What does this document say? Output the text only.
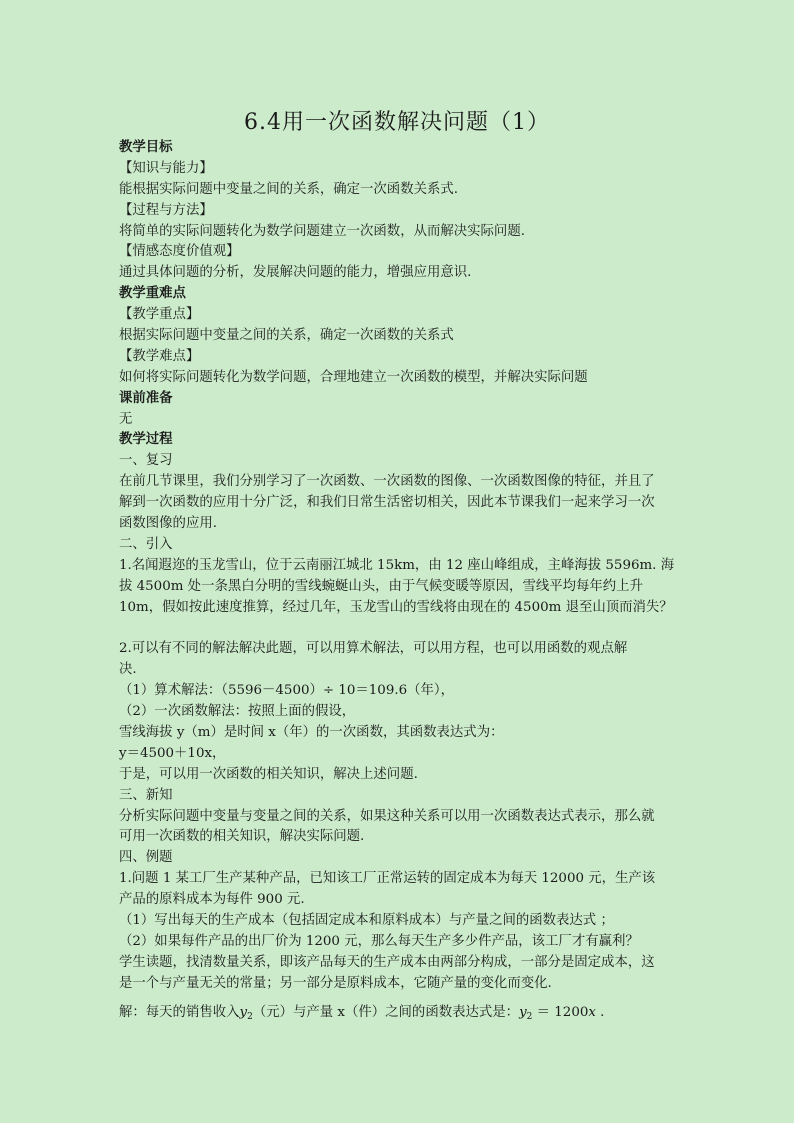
6.4用一次函数解决问题（1）
教学目标
【知识与能力】
能根据实际问题中变量之间的关系，确定一次函数关系式.
【过程与方法】
将简单的实际问题转化为数学问题建立一次函数，从而解决实际问题.
【情感态度价值观】
通过具体问题的分析，发展解决问题的能力，增强应用意识.
教学重难点
【教学重点】
根据实际问题中变量之间的关系，确定一次函数的关系式
【教学难点】
如何将实际问题转化为数学问题，合理地建立一次函数的模型，并解决实际问题
课前准备
无
教学过程
一、复习
在前几节课里，我们分别学习了一次函数、一次函数的图像、一次函数图像的特征，并且了
解到一次函数的应用十分广泛，和我们日常生活密切相关，因此本节课我们一起来学习一次
函数图像的应用.
二、引入
1.名闻遐迩的玉龙雪山，位于云南丽江城北 15km，由 12 座山峰组成，主峰海拔 5596m. 海
拔 4500m 处一条黑白分明的雪线蜿蜒山头，由于气候变暖等原因，雪线平均每年约上升
10m，假如按此速度推算，经过几年，玉龙雪山的雪线将由现在的 4500m 退至山顶而消失？
2.可以有不同的解法解决此题，可以用算术解法，可以用方程，也可以用函数的观点解
决.
（1）算术解法：（5596－4500）÷ 10＝109.6（年），
（2）一次函数解法：按照上面的假设，
雪线海拔 y（m）是时间 x（年）的一次函数，其函数表达式为：
y＝4500＋10x，
于是，可以用一次函数的相关知识，解决上述问题.
三、新知
分析实际问题中变量与变量之间的关系，如果这种关系可以用一次函数表达式表示，那么就
可用一次函数的相关知识，解决实际问题.
四、例题
1.问题 1 某工厂生产某种产品，已知该工厂正常运转的固定成本为每天 12000 元，生产该
产品的原料成本为每件 900 元.
（1）写出每天的生产成本（包括固定成本和原料成本）与产量之间的函数表达式 ；
（2）如果每件产品的出厂价为 1200 元，那么每天生产多少件产品，该工厂才有赢利？
学生读题，找清数量关系，即该产品每天的生产成本由两部分构成，一部分是固定成本，这
是一个与产量无关的常量；另一部分是原料成本，它随产量的变化而变化.
解：每天的销售收入$y_2$（元）与产量 x（件）之间的函数表达式是：$y_2 = 1200x$ .
